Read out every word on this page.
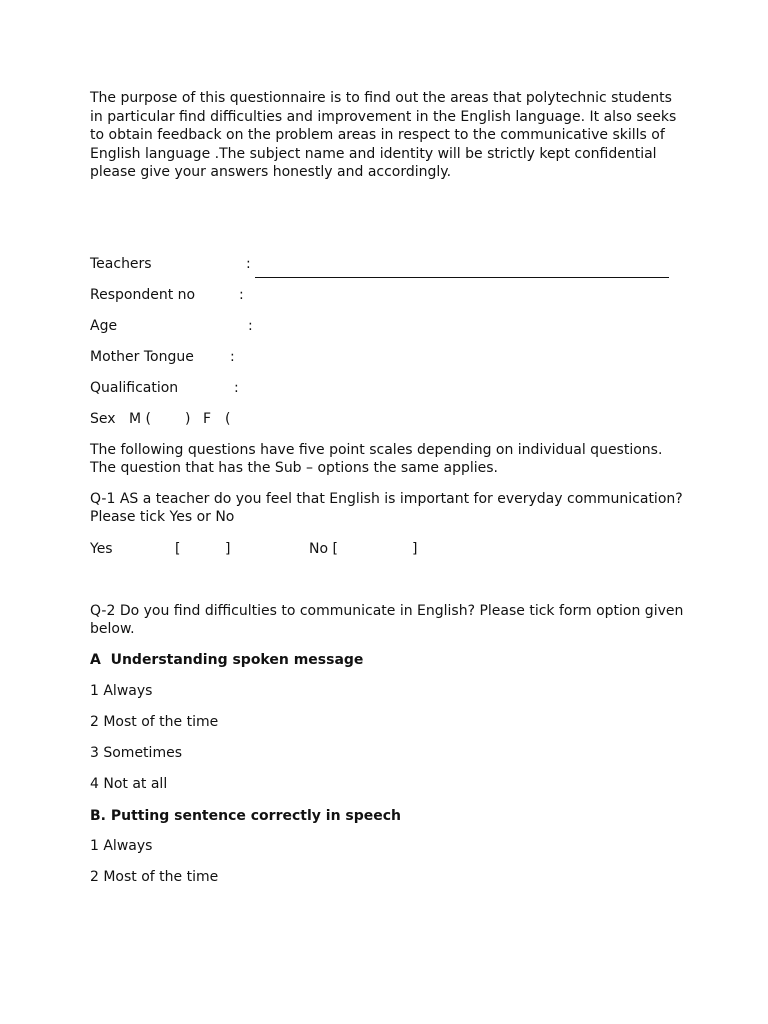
The purpose of this questionnaire is to find out the areas that polytechnic students
in particular find difficulties and improvement in the English language. It also seeks
to obtain feedback on the problem areas in respect to the communicative skills of
English language .The subject name and identity will be strictly kept confidential
please give your answers honestly and accordingly.
Teachers	:
Respondent no	:
Age	:
Mother Tongue	:
Qualification	:
Sex M ( ) F (
The following questions have five point scales depending on individual questions.
The question that has the Sub – options the same applies.
Q-1 AS a teacher do you feel that English is important for everyday communication?
Please tick Yes or No
Yes	[	]	No [	]
Q-2 Do you find difficulties to communicate in English? Please tick form option given
below.
A  Understanding spoken message
1 Always
2 Most of the time
3 Sometimes
4 Not at all
B. Putting sentence correctly in speech
1 Always
2 Most of the time
